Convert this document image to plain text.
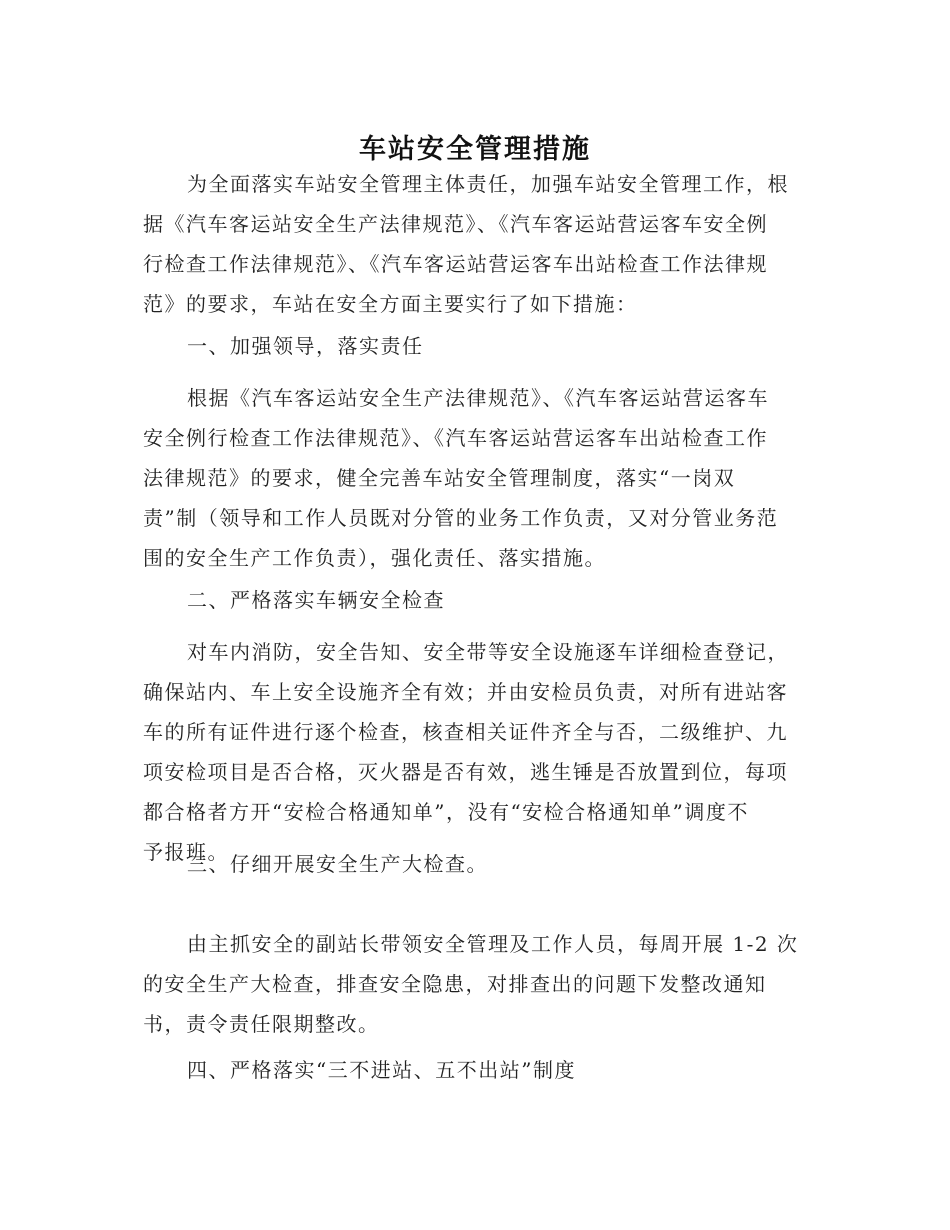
车站安全管理措施
为全面落实车站安全管理主体责任，加强车站安全管理工作，根
据《汽车客运站安全生产法律规范》、《汽车客运站营运客车安全例
行检查工作法律规范》、《汽车客运站营运客车出站检查工作法律规
范》的要求，车站在安全方面主要实行了如下措施：
一、加强领导，落实责任
根据《汽车客运站安全生产法律规范》、《汽车客运站营运客车
安全例行检查工作法律规范》、《汽车客运站营运客车出站检查工作
法律规范》的要求，健全完善车站安全管理制度，落实“一岗双
责”制（领导和工作人员既对分管的业务工作负责，又对分管业务范
围的安全生产工作负责），强化责任、落实措施。
二、严格落实车辆安全检查
对车内消防，安全告知、安全带等安全设施逐车详细检查登记，
确保站内、车上安全设施齐全有效；并由安检员负责，对所有进站客
车的所有证件进行逐个检查，核查相关证件齐全与否，二级维护、九
项安检项目是否合格，灭火器是否有效，逃生锤是否放置到位，每项
都合格者方开“安检合格通知单”，没有“安检合格通知单”调度不
予报班。
三、仔细开展安全生产大检查。
由主抓安全的副站长带领安全管理及工作人员，每周开展 1-2 次
的安全生产大检查，排查安全隐患，对排查出的问题下发整改通知
书，责令责任限期整改。
四、严格落实“三不进站、五不出站”制度
